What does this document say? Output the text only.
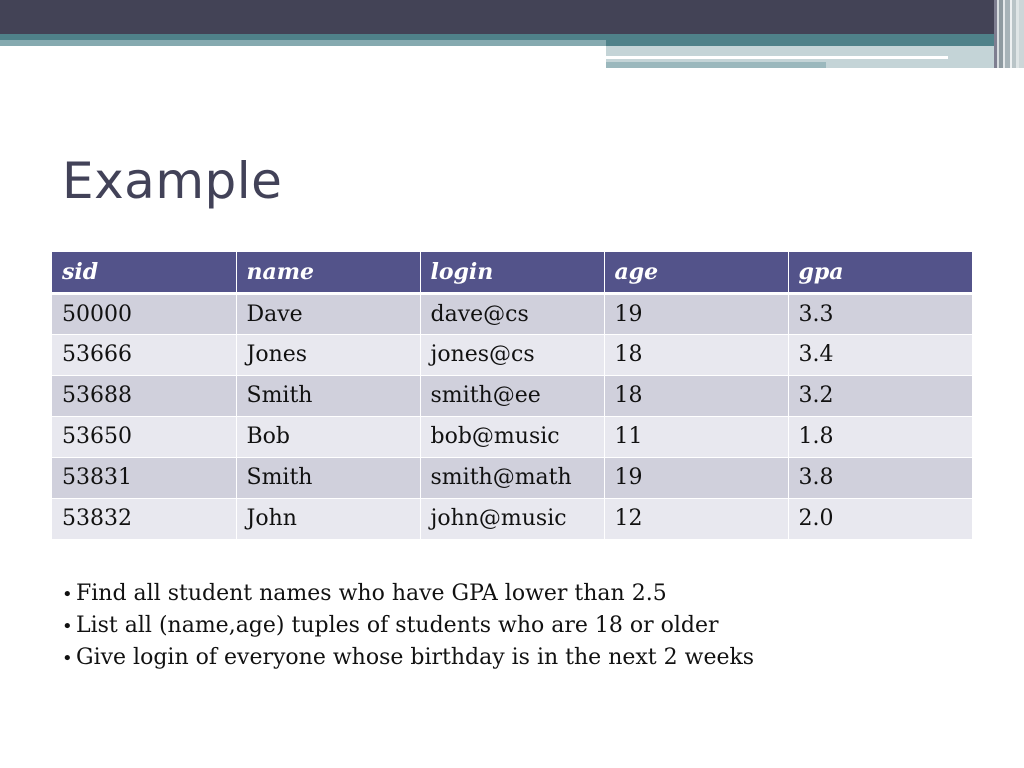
Example
sid	name	login	age	gpa
50000	Dave	dave@cs	19	3.3
53666	Jones	jones@cs	18	3.4
53688	Smith	smith@ee	18	3.2
53650	Bob	bob@music	11	1.8
53831	Smith	smith@math	19	3.8
53832	John	john@music	12	2.0
• Find all student names who have GPA lower than 2.5
• List all (name,age) tuples of students who are 18 or older
• Give login of everyone whose birthday is in the next 2 weeks
